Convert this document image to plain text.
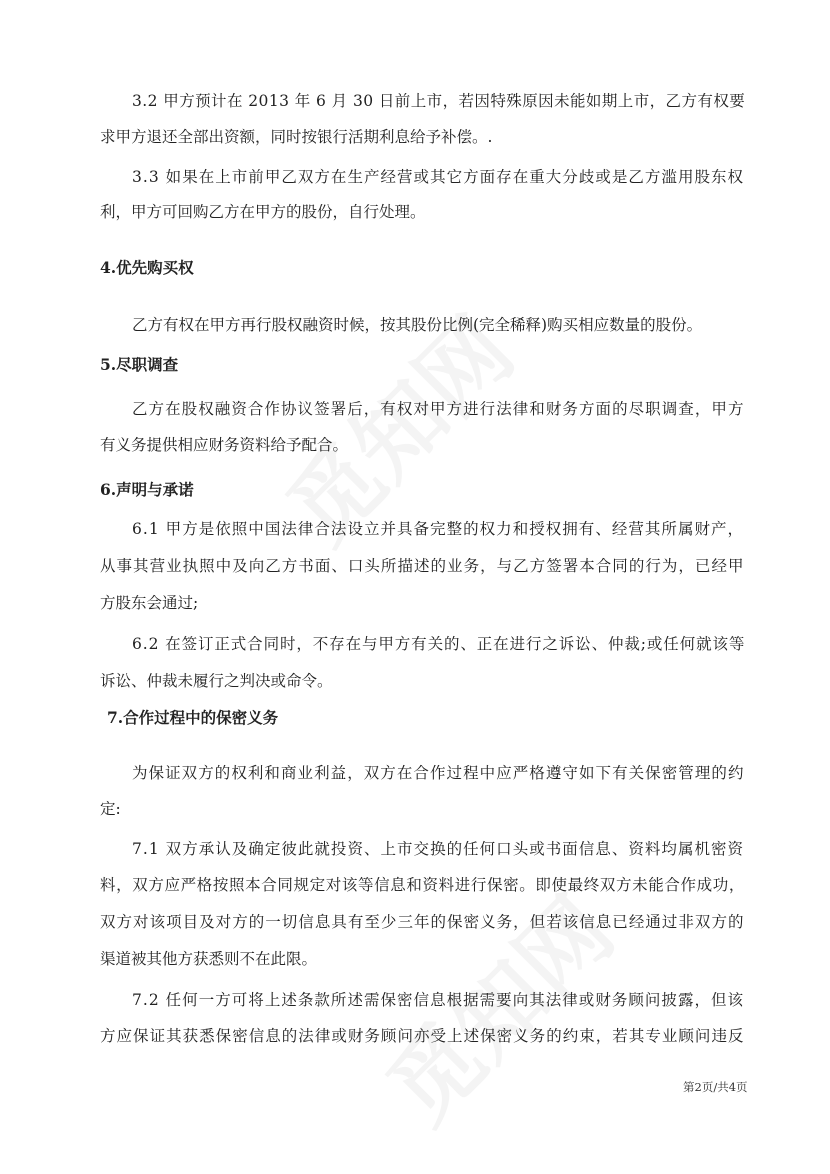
3.2 甲方预计在 2013 年 6 月 30 日前上市，若因特殊原因未能如期上市，乙方有权要
求甲方退还全部出资额，同时按银行活期利息给予补偿。.
3.3 如果在上市前甲乙双方在生产经营或其它方面存在重大分歧或是乙方滥用股东权
利，甲方可回购乙方在甲方的股份，自行处理。
4.优先购买权
乙方有权在甲方再行股权融资时候，按其股份比例(完全稀释)购买相应数量的股份。
5.尽职调查
乙方在股权融资合作协议签署后，有权对甲方进行法律和财务方面的尽职调查，甲方
有义务提供相应财务资料给予配合。
6.声明与承诺
6.1 甲方是依照中国法律合法设立并具备完整的权力和授权拥有、经营其所属财产，
从事其营业执照中及向乙方书面、口头所描述的业务，与乙方签署本合同的行为，已经甲
方股东会通过;
6.2 在签订正式合同时，不存在与甲方有关的、正在进行之诉讼、仲裁;或任何就该等
诉讼、仲裁未履行之判决或命令。
7.合作过程中的保密义务
为保证双方的权利和商业利益，双方在合作过程中应严格遵守如下有关保密管理的约
定:
7.1 双方承认及确定彼此就投资、上市交换的任何口头或书面信息、资料均属机密资
料，双方应严格按照本合同规定对该等信息和资料进行保密。即使最终双方未能合作成功，
双方对该项目及对方的一切信息具有至少三年的保密义务，但若该信息已经通过非双方的
渠道被其他方获悉则不在此限。
7.2 任何一方可将上述条款所述需保密信息根据需要向其法律或财务顾问披露，但该
方应保证其获悉保密信息的法律或财务顾问亦受上述保密义务的约束，若其专业顾问违反
第2页/共4页
